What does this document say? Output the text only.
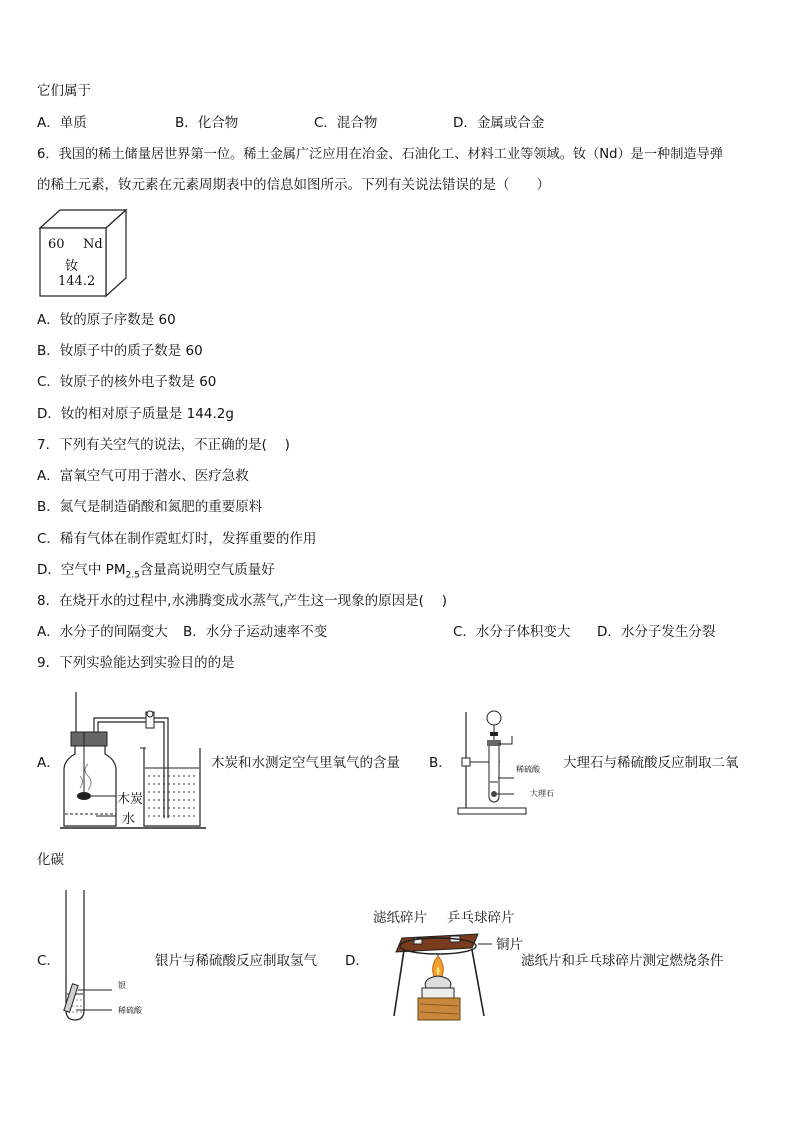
它们属于
A．单质	B．化合物	C．混合物	D．金属或合金
6．我国的稀土储量居世界第一位。稀土金属广泛应用在冶金、石油化工、材料工业等领域。钕（Nd）是一种制造导弹
的稀土元素，钕元素在元素周期表中的信息如图所示。下列有关说法错误的是（　　）
60 Nd
钕
144.2
A．钕的原子序数是 60
B．钕原子中的质子数是 60
C．钕原子的核外电子数是 60
D．钕的相对原子质量是 144.2g
7．下列有关空气的说法，不正确的是(　 )
A．富氧空气可用于潜水、医疗急救
B．氮气是制造硝酸和氮肥的重要原料
C．稀有气体在制作霓虹灯时，发挥重要的作用
D．空气中 $PM_{2.5}$含量高说明空气质量好
8．在烧开水的过程中,水沸腾变成水蒸气,产生这一现象的原因是(　 )
A．水分子的间隔变大 B．水分子运动速率不变	C．水分子体积变大 D．水分子发生分裂
9．下列实验能达到实验目的的是
A．
木炭
水
木炭和水测定空气里氧气的含量 B．	稀硫酸
大理石
大理石与稀硫酸反应制取二氧
化碳
C．
银
稀硫酸
银片与稀硫酸反应制取氢气 D．
滤纸碎片 乒乓球碎片
铜片
滤纸片和乒乓球碎片测定燃烧条件
